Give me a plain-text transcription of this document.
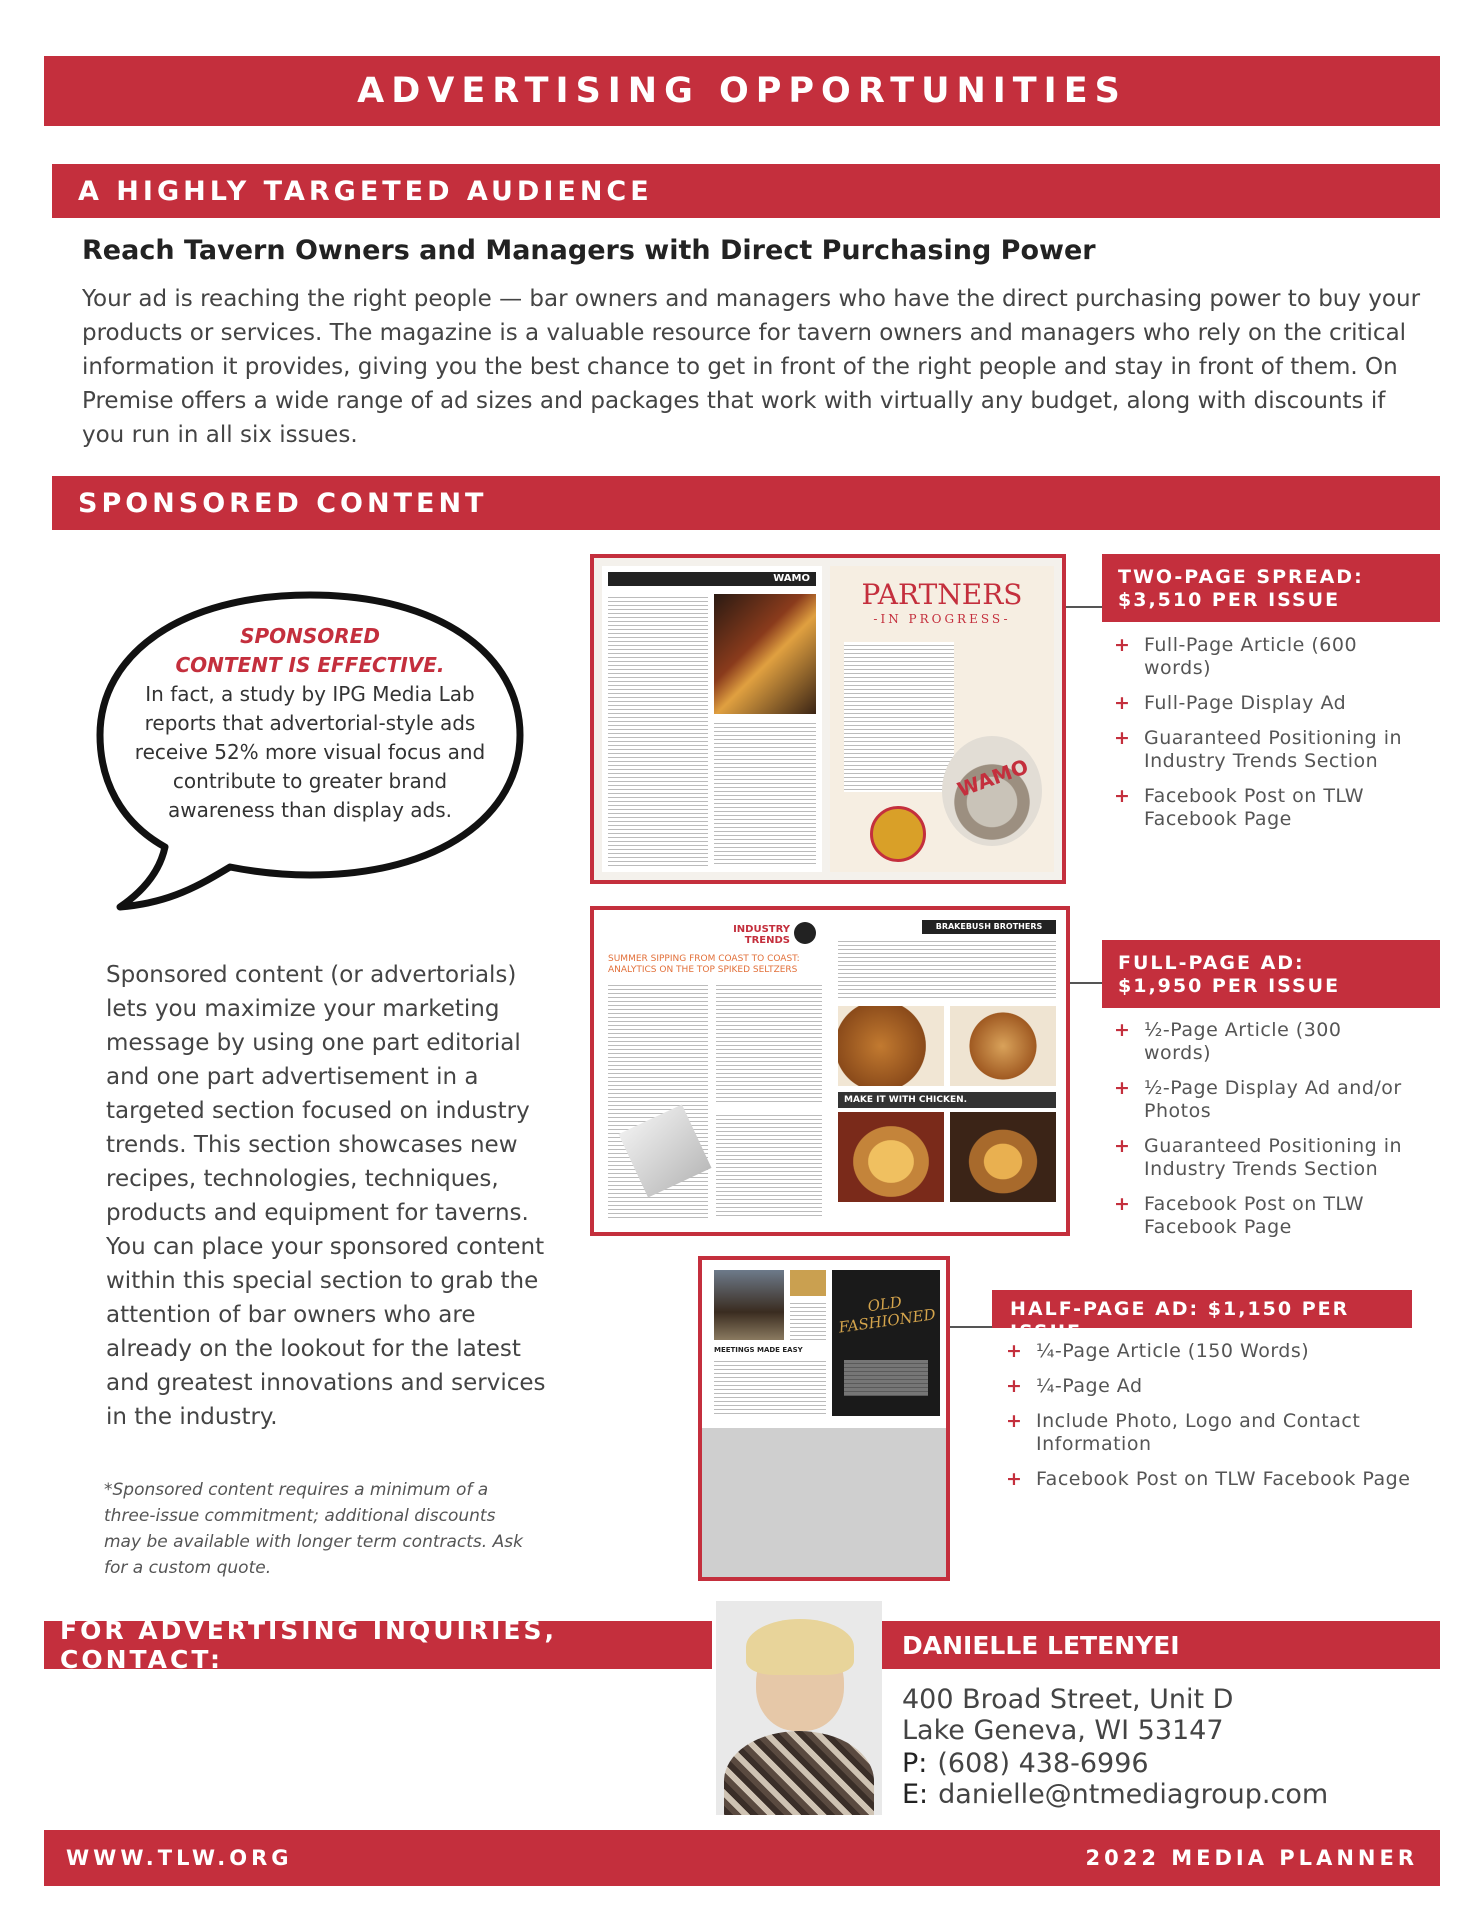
ADVERTISING OPPORTUNITIES
A HIGHLY TARGETED AUDIENCE
Reach Tavern Owners and Managers with Direct Purchasing Power
Your ad is reaching the right people — bar owners and managers who have the direct purchasing power to buy your products or services. The magazine is a valuable resource for tavern owners and managers who rely on the critical information it provides, giving you the best chance to get in front of the right people and stay in front of them. On Premise offers a wide range of ad sizes and packages that work with virtually any budget, along with discounts if you run in all six issues.
SPONSORED CONTENT
SPONSORED
CONTENT IS EFFECTIVE.
In fact, a study by IPG Media Lab reports that advertorial-style ads receive 52% more visual focus and contribute to greater brand awareness than display ads.
Sponsored content (or advertorials) lets you maximize your marketing message by using one part editorial and one part advertisement in a targeted section focused on industry trends. This section showcases new recipes, technologies, techniques, products and equipment for taverns. You can place your sponsored content within this special section to grab the attention of bar owners who are already on the lookout for the latest and greatest innovations and services in the industry.
*Sponsored content requires a minimum of a three-issue commitment; additional discounts may be available with longer term contracts. Ask for a custom quote.
WAMO	PARTNERS
-IN PROGRESS-
WAMO
INDUSTRY TRENDS
SUMMER SIPPING FROM COAST TO COAST: ANALYTICS ON THE TOP SPIKED SELTZERS
BRAKEBUSH BROTHERS
MAKE IT WITH CHICKEN.
MEETINGS MADE EASY
OLD FASHIONED
TWO-PAGE SPREAD:
$3,510 PER ISSUE
+ Full-Page Article (600 words)
+ Full-Page Display Ad
+ Guaranteed Positioning in Industry Trends Section
+ Facebook Post on TLW Facebook Page
FULL-PAGE AD:
$1,950 PER ISSUE
+ ½-Page Article (300 words)
+ ½-Page Display Ad and/or Photos
+ Guaranteed Positioning in Industry Trends Section
+ Facebook Post on TLW Facebook Page
HALF-PAGE AD: $1,150 PER ISSUE
+ ¼-Page Article (150 Words)
+ ¼-Page Ad
+ Include Photo, Logo and Contact Information
+ Facebook Post on TLW Facebook Page
FOR ADVERTISING INQUIRIES, CONTACT:	DANIELLE LETENYEI
400 Broad Street, Unit D
Lake Geneva, WI 53147
P: (608) 438-6996
E: danielle@ntmediagroup.com
WWW.TLW.ORG	2022 MEDIA PLANNER
